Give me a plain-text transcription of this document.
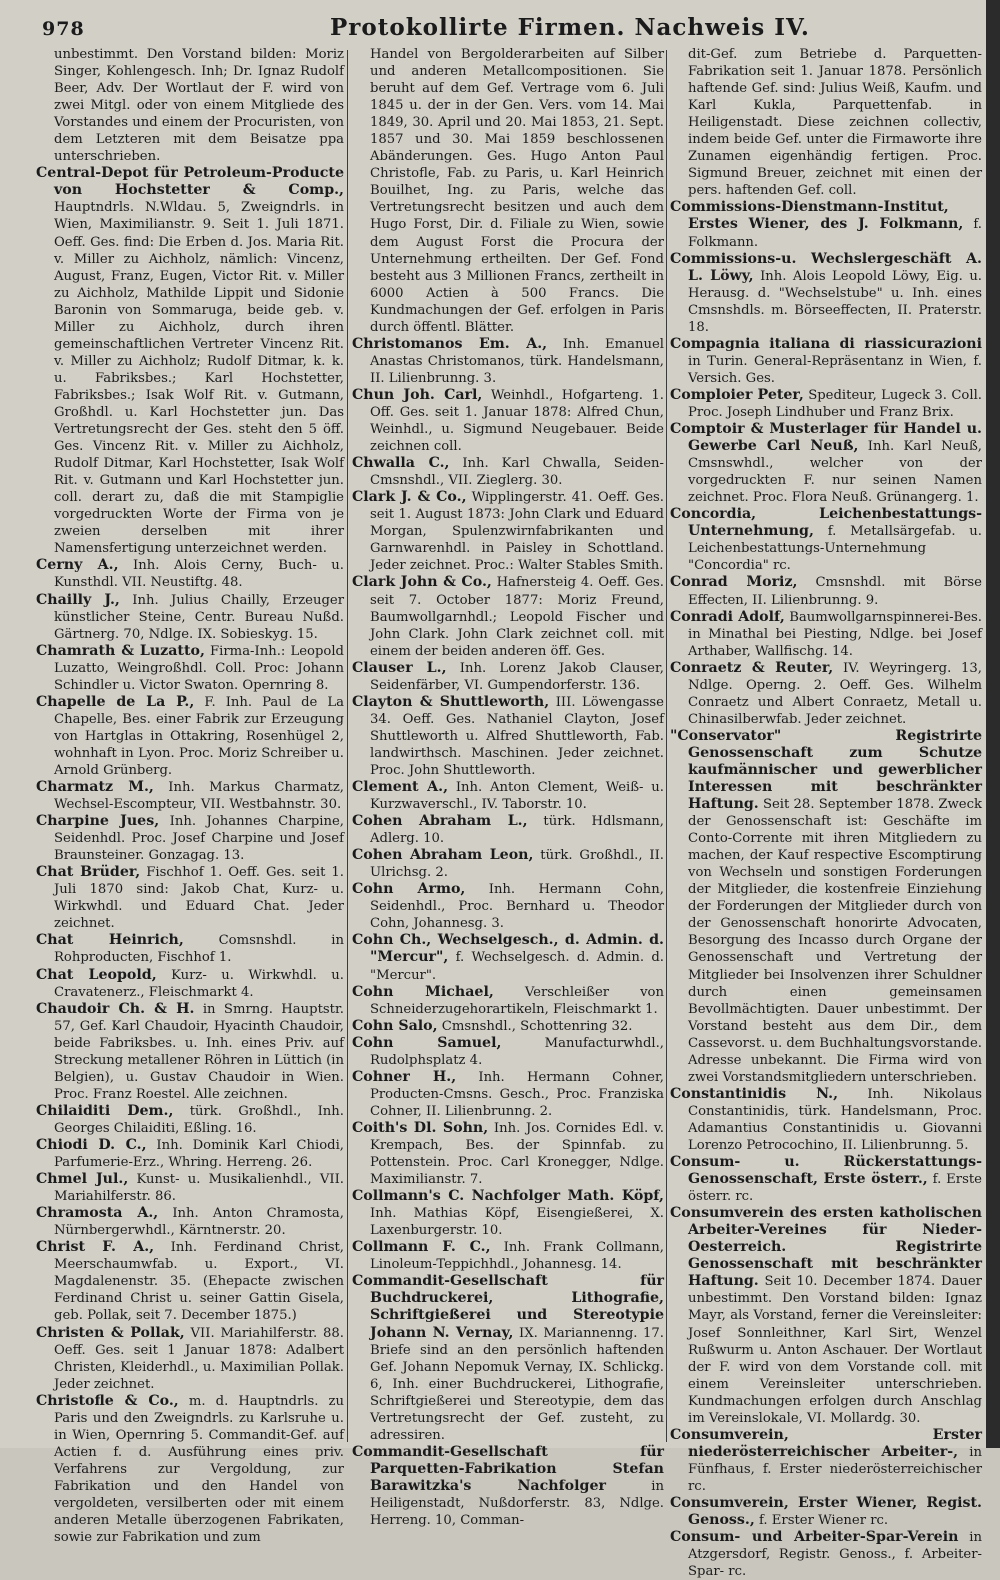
978	Protokollirte Firmen. Nachweis IV.

unbestimmt. Den Vorstand bilden: Moriz Singer, Kohlengesch. Inh; Dr. Ignaz Rudolf Beer, Adv. Der Wortlaut der F. wird von zwei Mitgl. oder von einem Mitgliede des Vorstandes und einem der Procuristen, von dem Letzteren mit dem Beisatze ppa unterschrieben.

Central-Depot für Petroleum-Producte von Hochstetter & Comp., Hauptndrls. N.Wldau. 5, Zweigndrls. in Wien, Maximilianstr. 9. Seit 1. Juli 1871. Oeff. Ges. find: Die Erben d. Jos. Maria Rit. v. Miller zu Aichholz, nämlich: Vincenz, August, Franz, Eugen, Victor Rit. v. Miller zu Aichholz, Mathilde Lippit und Sidonie Baronin von Sommaruga, beide geb. v. Miller zu Aichholz, durch ihren gemeinschaftlichen Vertreter Vincenz Rit. v. Miller zu Aichholz; Rudolf Ditmar, k. k. u. Fabriksbes.; Karl Hochstetter, Fabriksbes.; Isak Wolf Rit. v. Gutmann, Großhdl. u. Karl Hochstetter jun. Das Vertretungsrecht der Ges. steht den 5 öff. Ges. Vincenz Rit. v. Miller zu Aichholz, Rudolf Ditmar, Karl Hochstetter, Isak Wolf Rit. v. Gutmann und Karl Hochstetter jun. coll. derart zu, daß die mit Stampiglie vorgedruckten Worte der Firma von je zweien derselben mit ihrer Namensfertigung unterzeichnet werden.

Cerny A., Inh. Alois Cerny, Buch- u. Kunsthdl. VII. Neustiftg. 48.

Chailly J., Inh. Julius Chailly, Erzeuger künstlicher Steine, Centr. Bureau Nußd. Gärtnerg. 70, Ndlge. IX. Sobieskyg. 15.

Chamrath & Luzatto, Firma-Inh.: Leopold Luzatto, Weingroßhdl. Coll. Proc: Johann Schindler u. Victor Swaton. Opernring 8.

Chapelle de La P., F. Inh. Paul de La Chapelle, Bes. einer Fabrik zur Erzeugung von Hartglas in Ottakring, Rosenhügel 2, wohnhaft in Lyon. Proc. Moriz Schreiber u. Arnold Grünberg.

Charmatz M., Inh. Markus Charmatz, Wechsel-Escompteur, VII. Westbahnstr. 30.

Charpine Jues, Inh. Johannes Charpine, Seidenhdl. Proc. Josef Charpine und Josef Braunsteiner. Gonzagag. 13.

Chat Brüder, Fischhof 1. Oeff. Ges. seit 1. Juli 1870 sind: Jakob Chat, Kurz- u. Wirkwhdl. und Eduard Chat. Jeder zeichnet.

Chat Heinrich,	Comsnshdl. in Rohproducten, Fischhof 1.

Chat Leopold, Kurz- u. Wirkwhdl. u. Cravatenerz., Fleischmarkt 4.

Chaudoir Ch. & H. in Smrng. Hauptstr. 57, Gef. Karl Chaudoir, Hyacinth Chaudoir, beide Fabriksbes. u. Inh. eines Priv. auf Streckung metallener Röhren in Lüttich (in Belgien), u. Gustav Chaudoir in Wien. Proc. Franz Roestel. Alle zeichnen.

Chilaiditi Dem., türk. Großhdl., Inh. Georges Chilaiditi, Eßling. 16.

Chiodi D. C., Inh. Dominik Karl Chiodi, Parfumerie-Erz., Whring. Herreng. 26.

Chmel Jul., Kunst- u. Musikalienhdl., VII. Mariahilferstr. 86.

Chramosta A., Inh. Anton Chramosta, Nürnbergerwhdl., Kärntnerstr. 20.

Christ F. A., Inh. Ferdinand Christ, Meerschaumwfab. u. Export., VI. Magdalenenstr. 35. (Ehepacte zwischen Ferdinand Christ u. seiner Gattin Gisela, geb. Pollak, seit 7. December 1875.)

Christen & Pollak, VII. Mariahilferstr. 88. Oeff. Ges. seit 1 Januar 1878: Adalbert Christen, Kleiderhdl., u. Maximilian Pollak. Jeder zeichnet.

Christofle & Co., m. d. Hauptndrls. zu Paris und den Zweigndrls. zu Karlsruhe u. in Wien, Opernring 5. Commandit-Gef. auf Actien f. d. Ausführung eines priv. Verfahrens zur Vergoldung, zur Fabrikation und den Handel von vergoldeten, versilberten oder mit einem anderen Metalle überzogenen Fabrikaten, sowie zur Fabrikation und zum

Handel von Bergolderarbeiten auf Silber und anderen Metallcompositionen. Sie beruht auf dem Gef. Vertrage vom 6. Juli 1845 u. der in der Gen. Vers. vom 14. Mai 1849, 30. April und 20. Mai 1853, 21. Sept. 1857 und 30. Mai 1859 beschlossenen Abänderungen. Ges. Hugo Anton Paul Christofle, Fab. zu Paris, u. Karl Heinrich Bouilhet, Ing. zu Paris, welche das Vertretungsrecht besitzen und auch dem Hugo Forst, Dir. d. Filiale zu Wien, sowie dem August Forst die Procura der Unternehmung ertheilten. Der Gef. Fond besteht aus 3 Millionen Francs, zertheilt in 6000 Actien à 500 Francs. Die Kundmachungen der Gef. erfolgen in Paris durch öffentl. Blätter.

Christomanos Em. A., Inh. Emanuel Anastas Christomanos, türk. Handelsmann, II. Lilienbrunng. 3.

Chun Joh. Carl, Weinhdl., Hofgarteng. 1. Off. Ges. seit 1. Januar 1878: Alfred Chun, Weinhdl., u. Sigmund Neugebauer. Beide zeichnen coll.

Chwalla C., Inh. Karl Chwalla, Seiden-Cmsnshdl., VII. Zieglerg. 30.

Clark J. & Co., Wipplingerstr. 41. Oeff. Ges. seit 1. August 1873: John Clark und Eduard Morgan, Spulenzwirnfabrikanten und Garnwarenhdl. in Paisley in Schottland. Jeder zeichnet. Proc.: Walter Stables Smith.

Clark John & Co., Hafnersteig 4. Oeff. Ges. seit 7. October 1877: Moriz Freund, Baumwollgarnhdl.; Leopold Fischer und John Clark. John Clark zeichnet coll. mit einem der beiden anderen öff. Ges.

Clauser L., Inh. Lorenz Jakob Clauser, Seidenfärber, VI. Gumpendorferstr. 136.

Clayton & Shuttleworth, III. Löwengasse 34. Oeff. Ges. Nathaniel Clayton, Josef Shuttleworth u. Alfred Shuttleworth, Fab. landwirthsch. Maschinen. Jeder zeichnet. Proc. John Shuttleworth.

Clement A., Inh. Anton Clement, Weiß- u. Kurzwaverschl., IV. Taborstr. 10.

Cohen Abraham L., türk. Hdlsmann, Adlerg. 10.

Cohen Abraham Leon, türk. Großhdl., II. Ulrichsg. 2.

Cohn Armo, Inh. Hermann Cohn, Seidenhdl., Proc. Bernhard u. Theodor Cohn, Johannesg. 3.

Cohn Ch., Wechselgesch., d. Admin. d. "Mercur", f. Wechselgesch. d. Admin. d. "Mercur".

Cohn Michael, Verschleißer von Schneiderzugehorartikeln, Fleischmarkt 1.

Cohn Salo, Cmsnshdl., Schottenring 32.

Cohn Samuel,	Manufacturwhdl., Rudolphsplatz 4.

Cohner H., Inh. Hermann Cohner, Producten-Cmsns. Gesch., Proc. Franziska Cohner, II. Lilienbrunng. 2.

Coith's Dl. Sohn, Inh. Jos. Cornides Edl. v. Krempach, Bes. der Spinnfab. zu Pottenstein. Proc. Carl Kronegger, Ndlge. Maximilianstr. 7.

Collmann's C. Nachfolger Math. Köpf, Inh. Mathias Köpf, Eisengießerei, X. Laxenburgerstr. 10.

Collmann F. C., Inh. Frank Collmann, Linoleum-Teppichhdl., Johannesg. 14.

Commandit-Gesellschaft für Buchdruckerei, Lithografie, Schriftgießerei und Stereotypie Johann N. Vernay, IX. Mariannenng. 17. Briefe sind an den persönlich haftenden Gef. Johann Nepomuk Vernay, IX. Schlickg. 6, Inh. einer Buchdruckerei, Lithografie, Schriftgießerei und Stereotypie, dem das Vertretungsrecht der Gef. zusteht, zu adressiren.

Commandit-Gesellschaft für Parquetten-Fabrikation Stefan Barawitzka's Nachfolger	in Heiligenstadt, Nußdorferstr. 83, Ndlge. Herreng. 10, Comman-

dit-Gef. zum Betriebe d. Parquetten-Fabrikation seit 1. Januar 1878. Persönlich haftende Gef. sind: Julius Weiß, Kaufm. und Karl Kukla, Parquettenfab. in Heiligenstadt. Diese zeichnen collectiv, indem beide Gef. unter die Firmaworte ihre Zunamen eigenhändig fertigen. Proc. Sigmund Breuer, zeichnet mit einen der pers. haftenden Gef. coll.

Commissions-Dienstmann-Institut, Erstes Wiener, des J. Folkmann, f. Folkmann.

Commissions-u. Wechslergeschäft A. L. Löwy, Inh. Alois Leopold Löwy, Eig. u. Herausg. d. "Wechselstube" u. Inh. eines Cmsnshdls. m. Börseeffecten, II. Praterstr. 18.

Compagnia italiana di riassicurazioni in Turin. General-Repräsentanz in Wien, f. Versich. Ges.

Comploier Peter, Spediteur, Lugeck 3. Coll. Proc. Joseph Lindhuber und Franz Brix.

Comptoir & Musterlager für Handel u. Gewerbe Carl Neuß, Inh. Karl Neuß, Cmsnswhdl., welcher von der vorgedruckten F. nur seinen Namen zeichnet. Proc. Flora Neuß. Grünangerg. 1.

Concordia, Leichenbestattungs-Unternehmung, f. Metallsärgefab. u. Leichenbestattungs-Unternehmung "Concordia" rc.

Conrad Moriz, Cmsnshdl. mit Börse Effecten, II. Lilienbrunng. 9.

Conradi Adolf, Baumwollgarnspinnerei-Bes. in Minathal bei Piesting, Ndlge. bei Josef Arthaber, Wallfischg. 14.

Conraetz & Reuter, IV. Weyringerg. 13, Ndlge. Operng. 2. Oeff. Ges. Wilhelm Conraetz und Albert Conraetz, Metall u. Chinasilberwfab. Jeder zeichnet.

"Conservator" Registrirte Genossenschaft zum Schutze kaufmännischer und gewerblicher Interessen mit beschränkter Haftung. Seit 28. September 1878. Zweck der Genossenschaft ist: Geschäfte im Conto-Corrente mit ihren Mitgliedern zu machen, der Kauf respective Escomptirung von Wechseln und sonstigen Forderungen der Mitglieder, die kostenfreie Einziehung der Forderungen der Mitglieder durch von der Genossenschaft honorirte Advocaten, Besorgung des Incasso durch Organe der Genossenschaft und Vertretung der Mitglieder bei Insolvenzen ihrer Schuldner durch einen gemeinsamen Bevollmächtigten. Dauer unbestimmt. Der Vorstand besteht aus dem Dir., dem Cassevorst. u. dem Buchhaltungsvorstande. Adresse unbekannt. Die Firma wird von zwei Vorstandsmitgliedern unterschrieben.

Constantinidis N., Inh. Nikolaus Constantinidis, türk. Handelsmann, Proc. Adamantius Constantinidis u. Giovanni Lorenzo Petrocochino, II. Lilienbrunng. 5.

Consum- u. Rückerstattungs-Genossenschaft, Erste österr., f. Erste österr. rc.

Consumverein des ersten katholischen Arbeiter-Vereines für Nieder-Oesterreich. Registrirte Genossenschaft mit beschränkter Haftung. Seit 10. December 1874. Dauer unbestimmt. Den Vorstand bilden: Ignaz Mayr, als Vorstand, ferner die Vereinsleiter: Josef Sonnleithner, Karl Sirt, Wenzel Rußwurm u. Anton Aschauer. Der Wortlaut der F. wird von dem Vorstande coll. mit einem Vereinsleiter unterschrieben. Kundmachungen erfolgen durch Anschlag im Vereinslokale, VI. Mollardg. 30.

Consumverein, Erster niederösterreichischer Arbeiter-, in Fünfhaus, f. Erster niederösterreichischer rc.

Consumverein, Erster Wiener, Regist. Genoss., f. Erster Wiener rc.

Consum- und Arbeiter-Spar-Verein in Atzgersdorf, Registr. Genoss., f. Arbeiter-Spar- rc.
